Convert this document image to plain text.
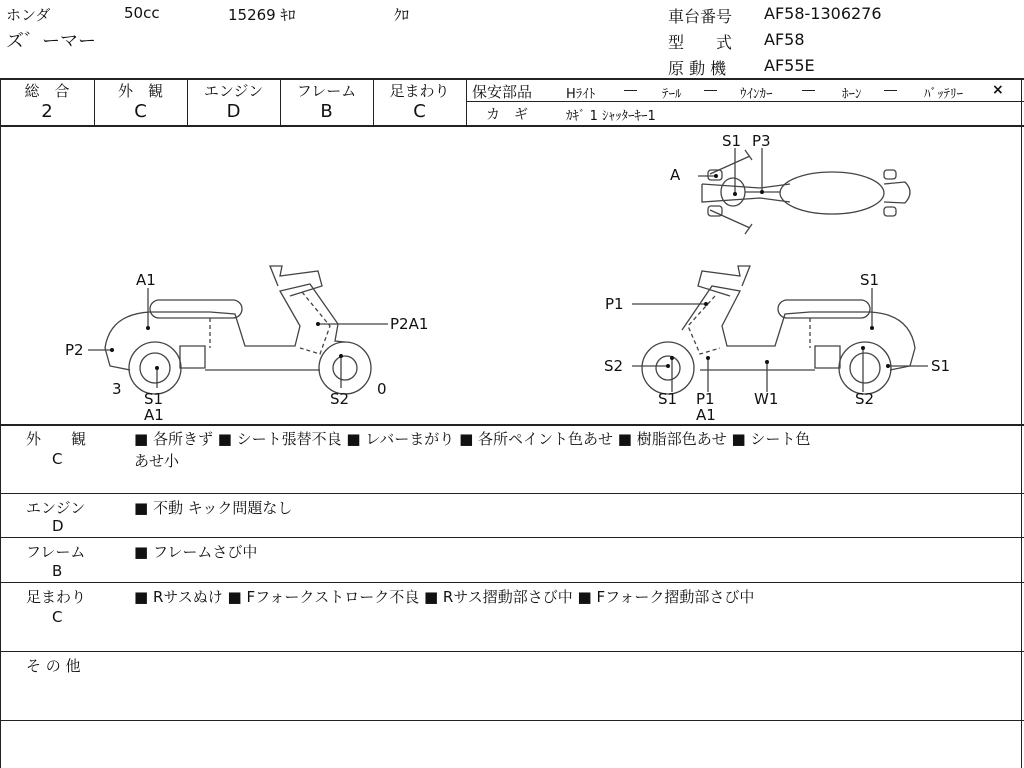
ホンダ	50cc	15269 ｷﾛ	ｸﾛ
ズ゛ーマー
車台番号 AF58-1306276
型　　式 AF58
原 動 機 AF55E
総　合
2
外　観
C
エンジン
D
フレーム
B
足まわり
C
保安部品	Hﾗｲﾄ ― ﾃｰﾙ ― ｳｲﾝｶｰ ― ﾎｰﾝ ― ﾊﾞｯﾃﾘｰ ×
カ　ギ	ｶｷﾞ 1 ｼｬｯﾀｰｷｰ1
S1 P3
A
A1
P2
P2A1
3
S1
A1
S2
0
P1
S1
S2	S1
S1 P1
A1
W1	S2
外　　観
C
■ 各所きず ■ シート張替不良 ■ レバーまがり ■ 各所ペイント色あせ ■ 樹脂部色あせ ■ シート色
あせ小
エンジン
D
■ 不動 キック問題なし
フレーム
B
■ フレームさび中
足まわり
C
■ Rサスぬけ ■ Fフォークストローク不良 ■ Rサス摺動部さび中 ■ Fフォーク摺動部さび中
そ の 他
